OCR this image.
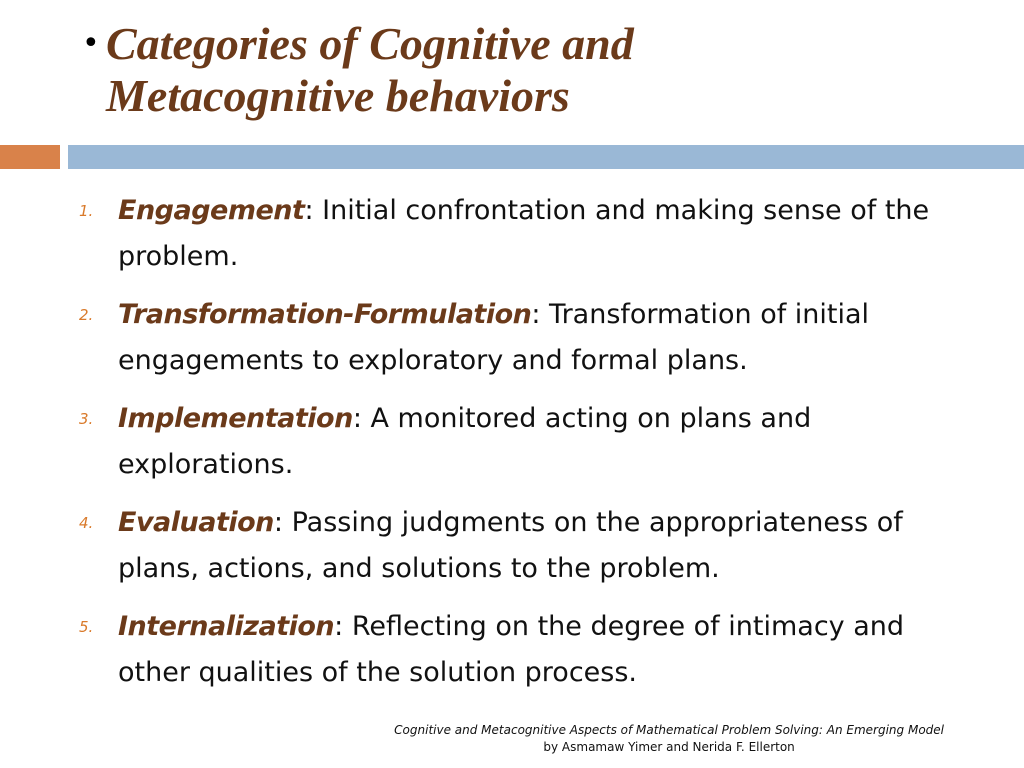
• Categories of Cognitive and
Metacognitive behaviors
1. Engagement: Initial confrontation and making sense of the problem.
2. Transformation-Formulation: Transformation of initial engagements to exploratory and formal plans.
3. Implementation: A monitored acting on plans and explorations.
4. Evaluation: Passing judgments on the appropriateness of plans, actions, and solutions to the problem.
5. Internalization: Reflecting on the degree of intimacy and other qualities of the solution process.
Cognitive and Metacognitive Aspects of Mathematical Problem Solving: An Emerging Model
by Asmamaw Yimer and Nerida F. Ellerton
